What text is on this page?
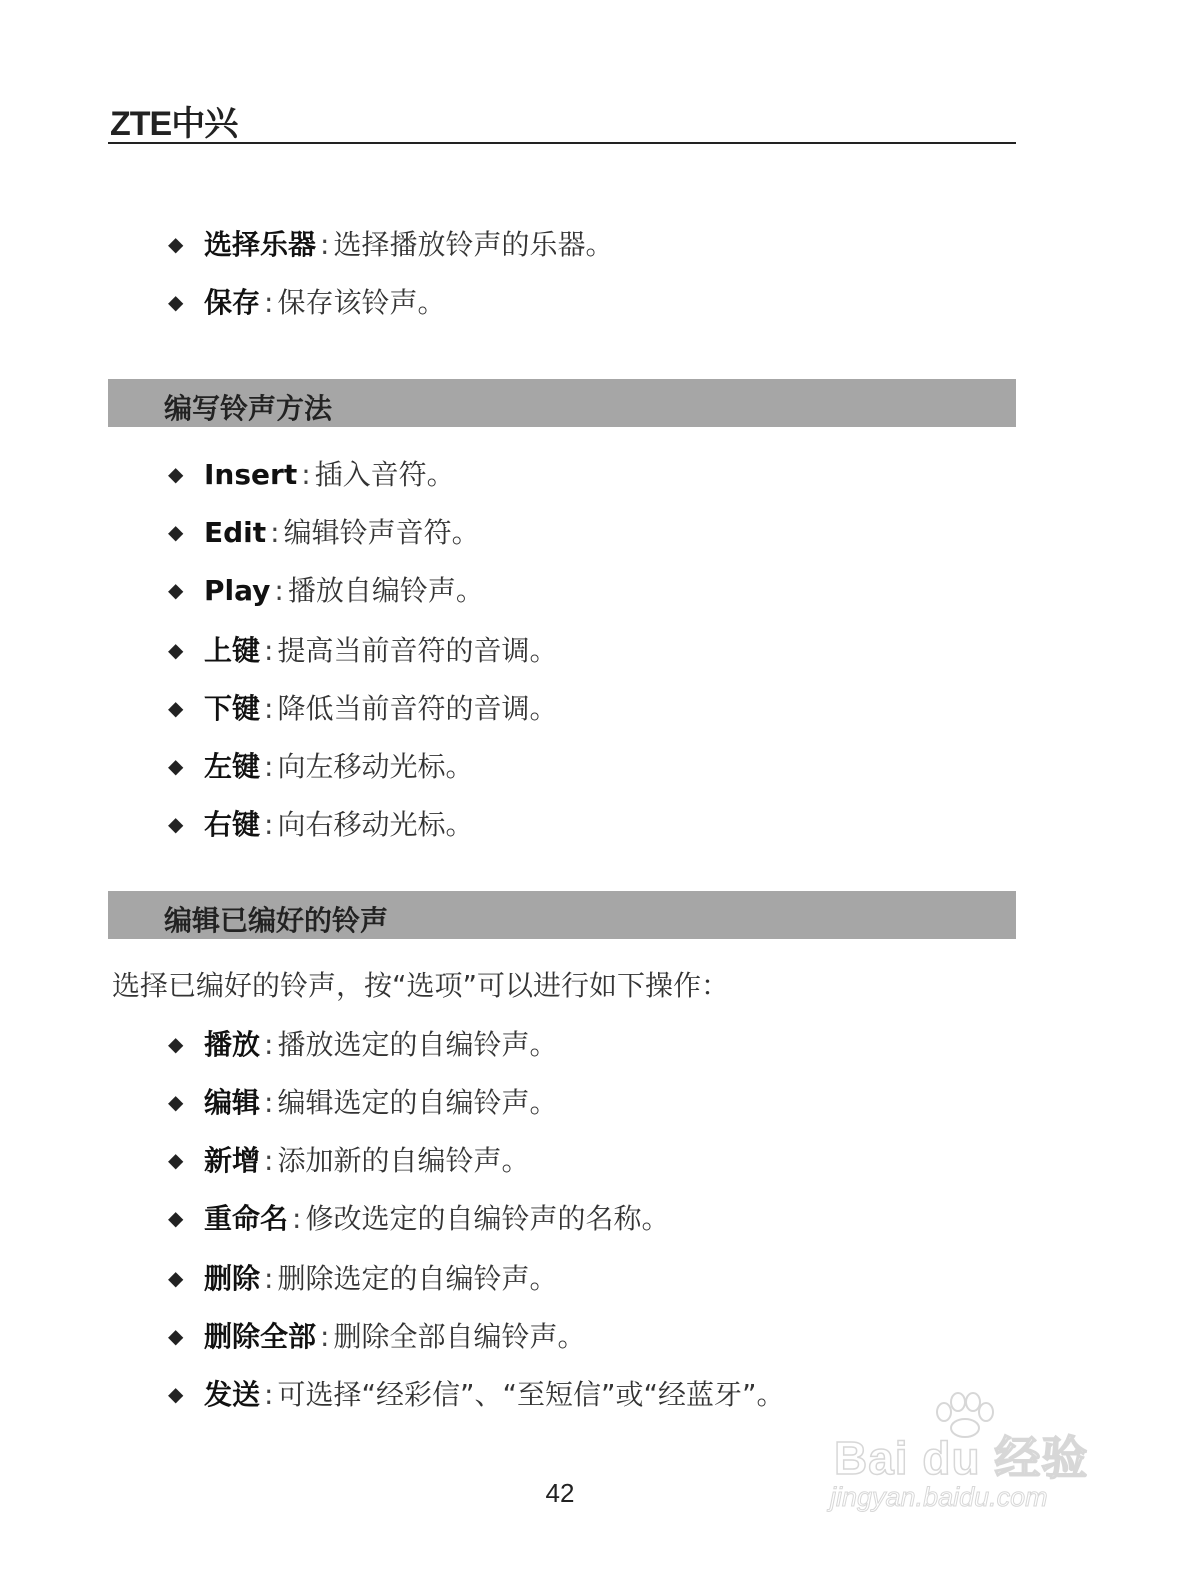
ZTE中兴
◆ 选择乐器 : 选择播放铃声的乐器。
◆ 保存 : 保存该铃声。
编写铃声方法
◆ Insert : 插入音符。
◆ Edit : 编辑铃声音符。
◆ Play : 播放自编铃声。
◆ 上键 : 提高当前音符的音调。
◆ 下键 : 降低当前音符的音调。
◆ 左键 : 向左移动光标。
◆ 右键 : 向右移动光标。
编辑已编好的铃声
选择已编好的铃声，按“选项”可以进行如下操作：
◆ 播放 : 播放选定的自编铃声。
◆ 编辑 : 编辑选定的自编铃声。
◆ 新增 : 添加新的自编铃声。
◆ 重命名 : 修改选定的自编铃声的名称。
◆ 删除 : 删除选定的自编铃声。
◆ 删除全部 : 删除全部自编铃声。
◆ 发送 : 可选择“经彩信”、“至短信”或“经蓝牙”。
42
Bai du 经验
jingyan.baidu.com
